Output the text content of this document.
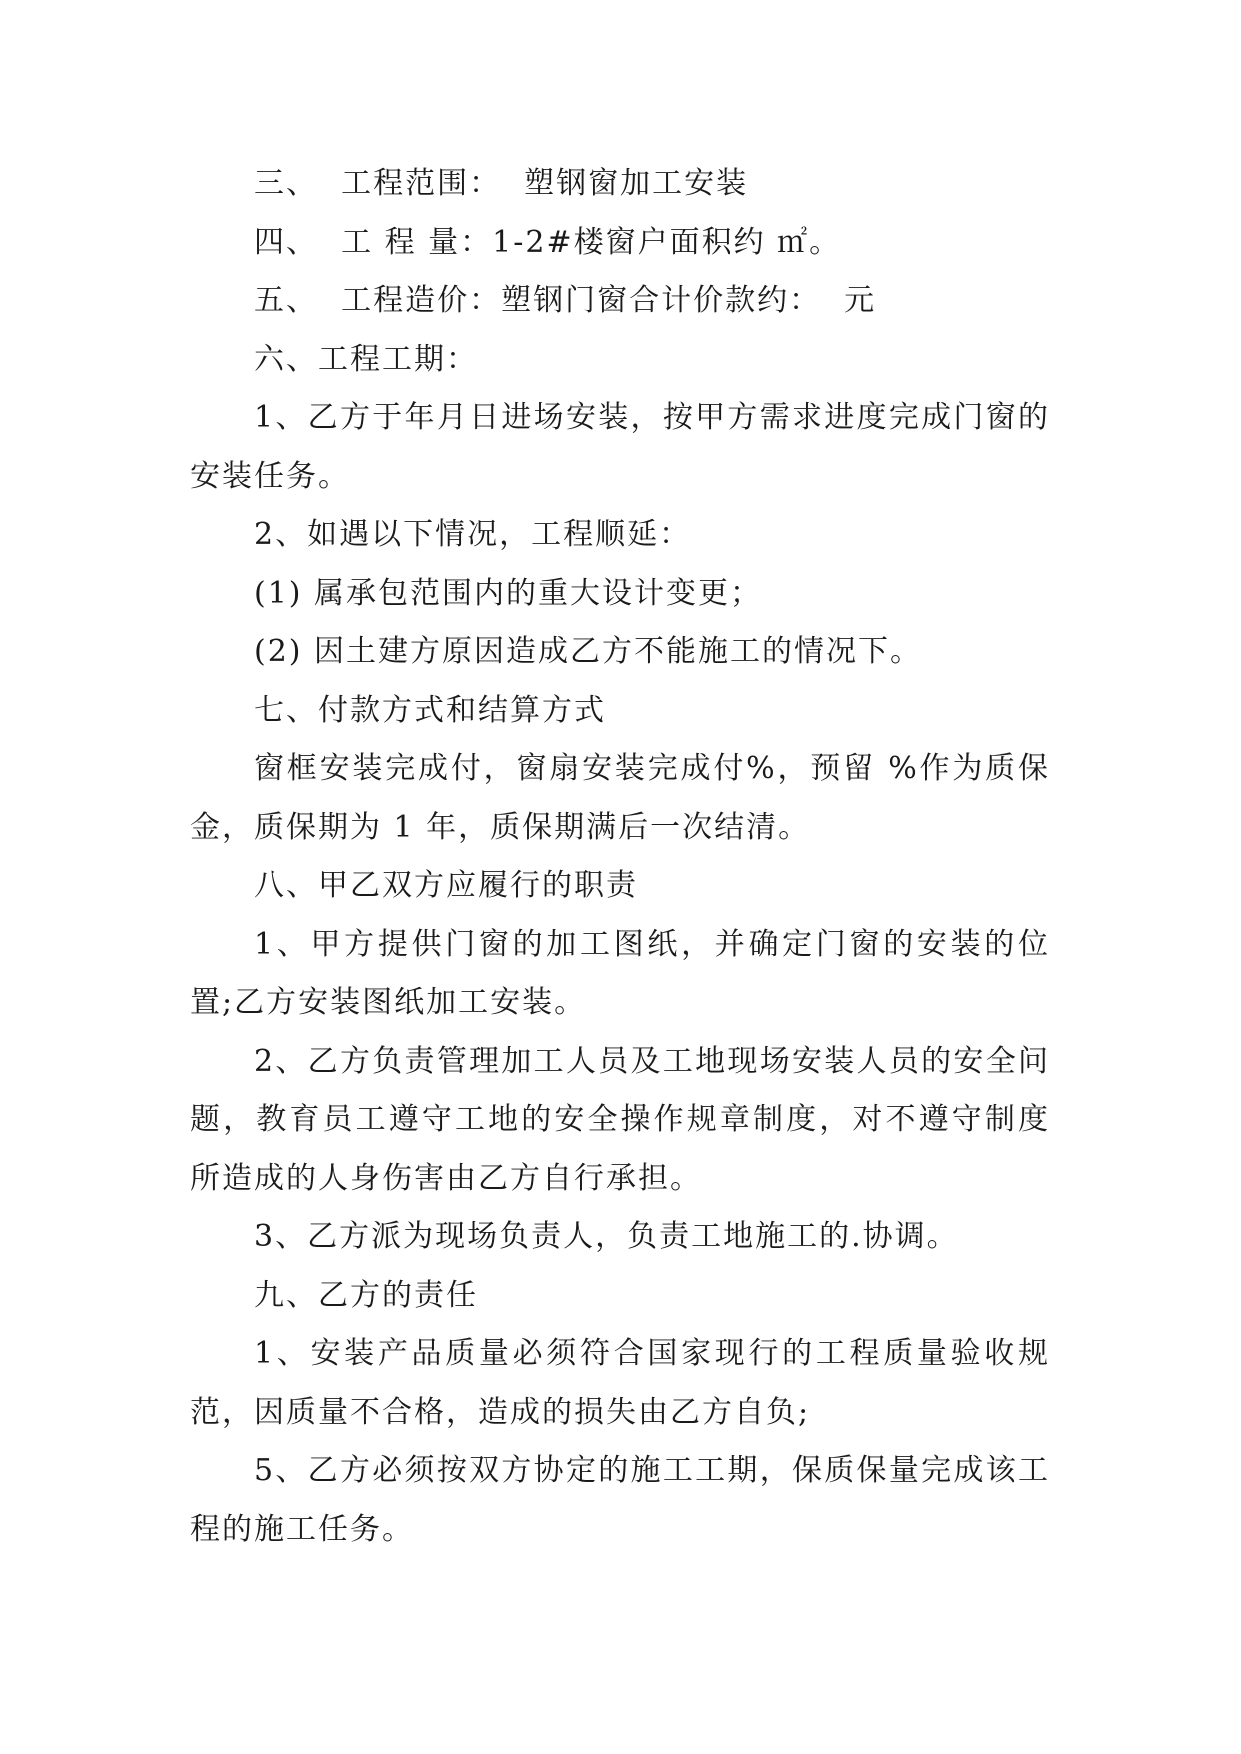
三、  工程范围：  塑钢窗加工安装

四、  工 程 量：1-2#楼窗户面积约 ㎡。

五、  工程造价：塑钢门窗合计价款约：  元

六、工程工期：

1、乙方于年月日进场安装，按甲方需求进度完成门窗的安装任务。

2、如遇以下情况，工程顺延：

(1) 属承包范围内的重大设计变更；

(2) 因土建方原因造成乙方不能施工的情况下。

七、付款方式和结算方式

窗框安装完成付，窗扇安装完成付%，预留 %作为质保金，质保期为 1 年，质保期满后一次结清。

八、甲乙双方应履行的职责

1、甲方提供门窗的加工图纸，并确定门窗的安装的位置;乙方安装图纸加工安装。

2、乙方负责管理加工人员及工地现场安装人员的安全问题，教育员工遵守工地的安全操作规章制度，对不遵守制度所造成的人身伤害由乙方自行承担。

3、乙方派为现场负责人，负责工地施工的.协调。

九、乙方的责任

1、安装产品质量必须符合国家现行的工程质量验收规范，因质量不合格，造成的损失由乙方自负;

5、乙方必须按双方协定的施工工期，保质保量完成该工程的施工任务。
